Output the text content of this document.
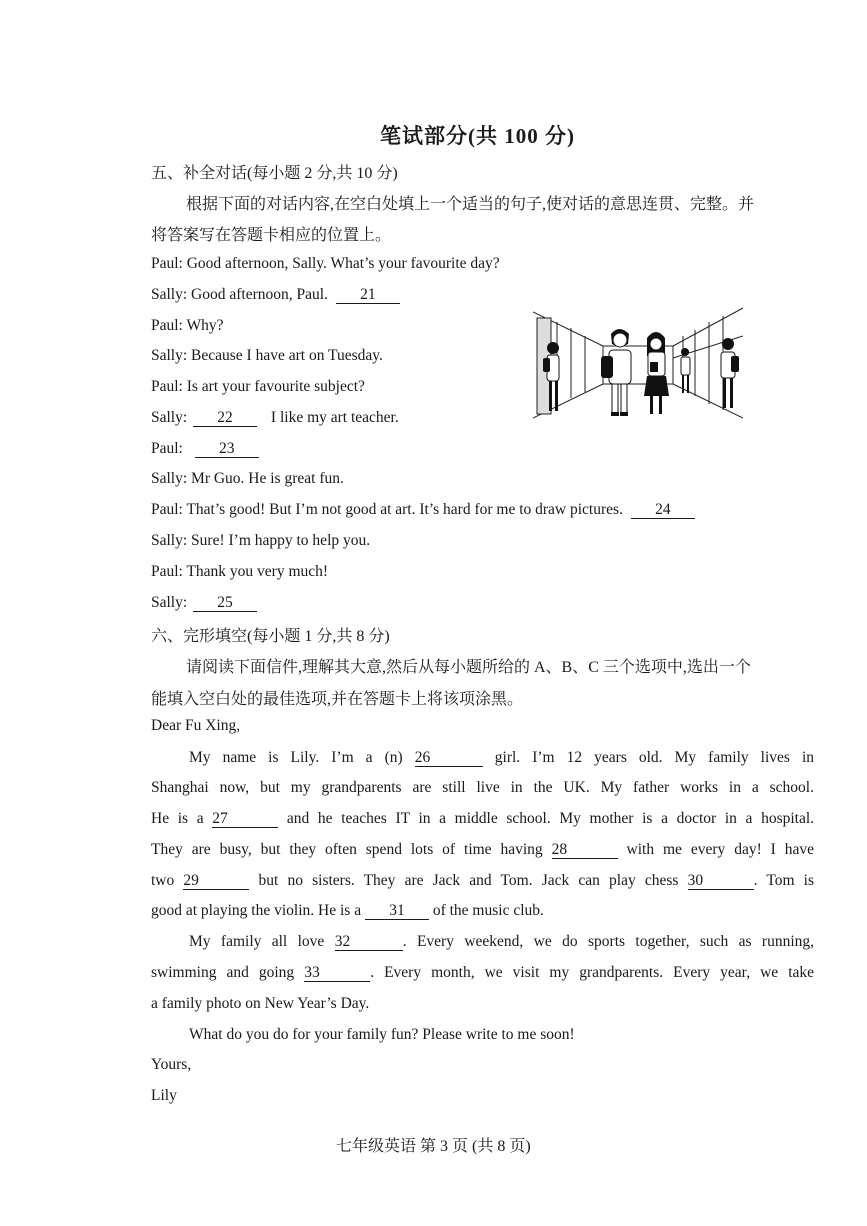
笔试部分(共 100 分)
五、补全对话(每小题 2 分,共 10 分)
根据下面的对话内容,在空白处填上一个适当的句子,使对话的意思连贯、完整。并
将答案写在答题卡相应的位置上。
Paul: Good afternoon, Sally. What’s your favourite day?
Sally: Good afternoon, Paul. 21
Paul: Why?
Sally: Because I have art on Tuesday.
Paul: Is art your favourite subject?
Sally: 22 I like my art teacher.
Paul: 23
Sally: Mr Guo. He is great fun.
Paul: That’s good! But I’m not good at art. It’s hard for me to draw pictures. 24
Sally: Sure! I’m happy to help you.
Paul: Thank you very much!
Sally: 25
六、完形填空(每小题 1 分,共 8 分)
请阅读下面信件,理解其大意,然后从每小题所给的 A、B、C 三个选项中,选出一个
能填入空白处的最佳选项,并在答题卡上将该项涂黑。
Dear Fu Xing,
My name is Lily. I’m a (n) 26	girl. I’m 12 years old. My family lives in
Shanghai now, but my grandparents are still live in the UK. My father works in a school.
He is a 27	and he teaches IT in a middle school. My mother is a doctor in a hospital.
They are busy, but they often spend lots of time having 28	with me every day! I have
two 29	but no sisters. They are Jack and Tom. Jack can play chess 30	. Tom is
good at playing the violin. He is a 31 of the music club.
My family all love 32	. Every weekend, we do sports together, such as running,
swimming and going 33	. Every month, we visit my grandparents. Every year, we take
a family photo on New Year’s Day.
What do you do for your family fun? Please write to me soon!
Yours,
Lily
七年级英语 第 3 页 (共 8 页)
